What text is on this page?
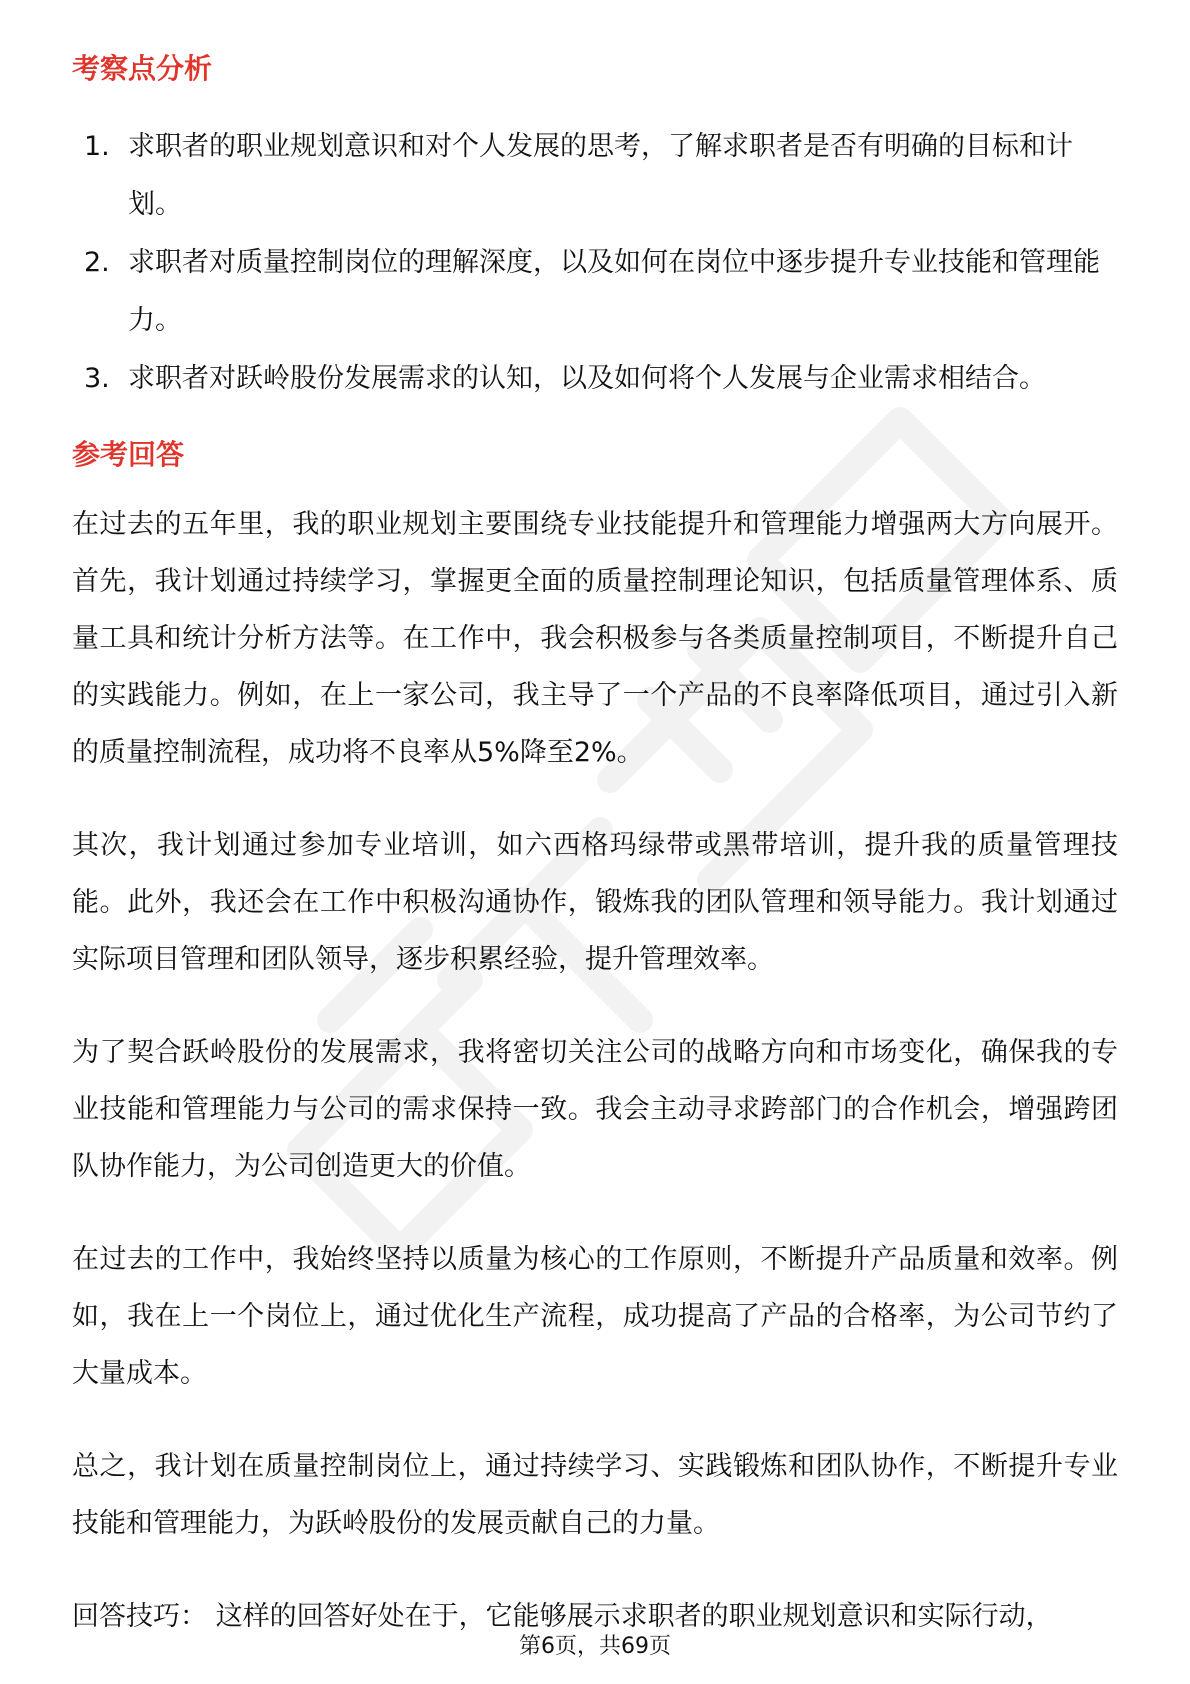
考察点分析
1. 求职者的职业规划意识和对个人发展的思考，了解求职者是否有明确的目标和计划。
2. 求职者对质量控制岗位的理解深度，以及如何在岗位中逐步提升专业技能和管理能力。
3. 求职者对跃岭股份发展需求的认知，以及如何将个人发展与企业需求相结合。
参考回答

在过去的五年里，我的职业规划主要围绕专业技能提升和管理能力增强两大方向展开。首先，我计划通过持续学习，掌握更全面的质量控制理论知识，包括质量管理体系、质量工具和统计分析方法等。在工作中，我会积极参与各类质量控制项目，不断提升自己的实践能力。例如，在上一家公司，我主导了一个产品的不良率降低项目，通过引入新的质量控制流程，成功将不良率从5%降至2%。

其次，我计划通过参加专业培训，如六西格玛绿带或黑带培训，提升我的质量管理技能。此外，我还会在工作中积极沟通协作，锻炼我的团队管理和领导能力。我计划通过实际项目管理和团队领导，逐步积累经验，提升管理效率。

为了契合跃岭股份的发展需求，我将密切关注公司的战略方向和市场变化，确保我的专业技能和管理能力与公司的需求保持一致。我会主动寻求跨部门的合作机会，增强跨团队协作能力，为公司创造更大的价值。

在过去的工作中，我始终坚持以质量为核心的工作原则，不断提升产品质量和效率。例如，我在上一个岗位上，通过优化生产流程，成功提高了产品的合格率，为公司节约了大量成本。

总之，我计划在质量控制岗位上，通过持续学习、实践锻炼和团队协作，不断提升专业技能和管理能力，为跃岭股份的发展贡献自己的力量。

回答技巧： 这样的回答好处在于，它能够展示求职者的职业规划意识和实际行动，

第6页，共69页
